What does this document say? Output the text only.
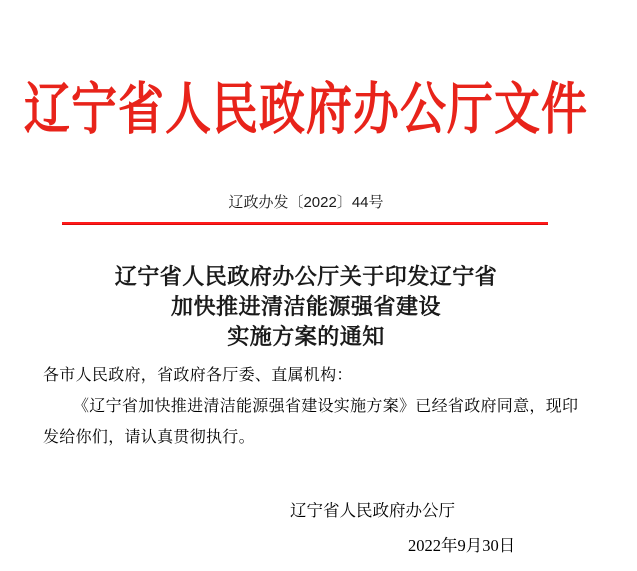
辽宁省人民政府办公厅文件
辽政办发〔2022〕44号
辽宁省人民政府办公厅关于印发辽宁省
加快推进清洁能源强省建设
实施方案的通知
各市人民政府，省政府各厅委、直属机构：
《辽宁省加快推进清洁能源强省建设实施方案》已经省政府同意，现印
发给你们，请认真贯彻执行。
辽宁省人民政府办公厅
2022年9月30日
